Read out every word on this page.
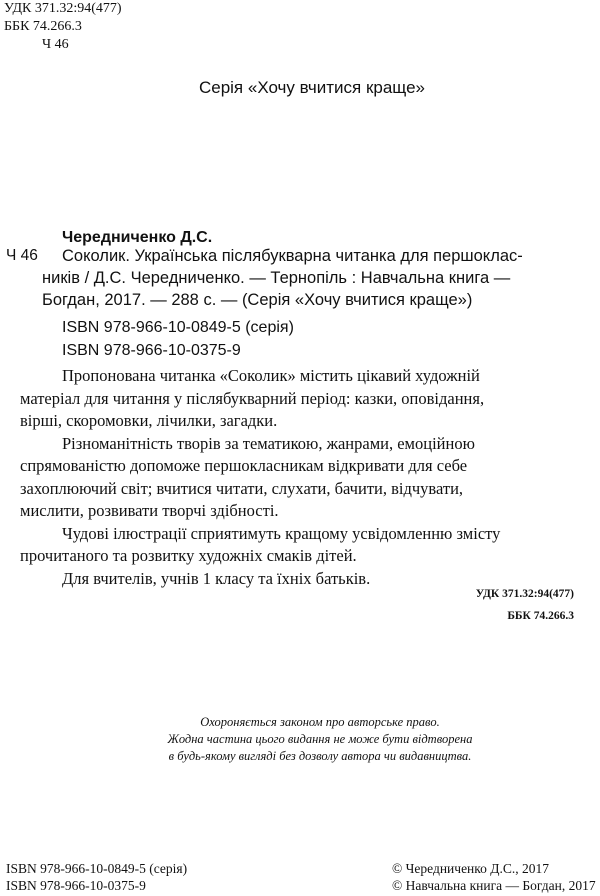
УДК 371.32:94(477)
ББК 74.266.3
Ч 46
Серія «Хочу вчитися краще»
Чередниченко Д.С.
Ч 46 Соколик. Українська післябукварна читанка для першоклас-
ників / Д.С. Чередниченко. — Тернопіль : Навчальна книга —
Богдан, 2017. — 288 с. — (Серія «Хочу вчитися краще»)
ISBN 978-966-10-0849-5 (серія)
ISBN 978-966-10-0375-9
Пропонована читанка «Соколик» містить цікавий художній
матеріал для читання у післябукварний період: казки, оповідання,
вірші, скоромовки, лічилки, загадки.
Різноманітність творів за тематикою, жанрами, емоційною
спрямованістю допоможе першокласникам відкривати для себе
захоплюючий світ; вчитися читати, слухати, бачити, відчувати,
мислити, розвивати творчі здібності.
Чудові ілюстрації сприятимуть кращому усвідомленню змісту
прочитаного та розвитку художніх смаків дітей.
Для вчителів, учнів 1 класу та їхніх батьків.
УДК 371.32:94(477)
ББК 74.266.3
Охороняється законом про авторське право.
Жодна частина цього видання не може бути відтворена
в будь-якому вигляді без дозволу автора чи видавництва.
ISBN 978-966-10-0849-5 (серія)
ISBN 978-966-10-0375-9
© Чередниченко Д.С., 2017
© Навчальна книга — Богдан, 2017
